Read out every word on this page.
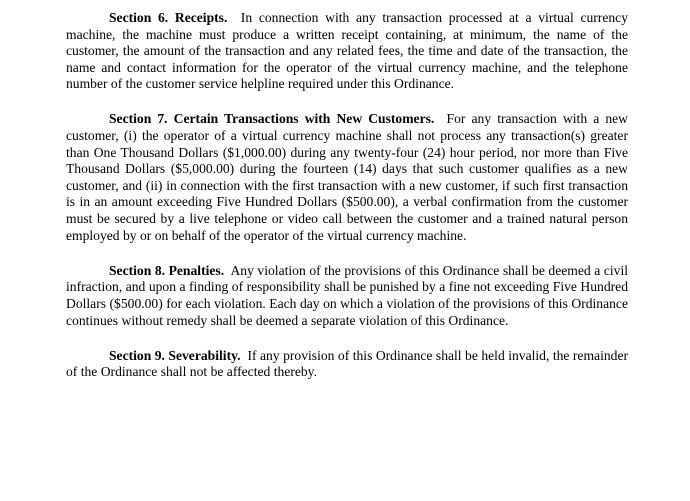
Section 6. Receipts. In connection with any transaction processed at a virtual currency machine, the machine must produce a written receipt containing, at minimum, the name of the customer, the amount of the transaction and any related fees, the time and date of the transaction, the name and contact information for the operator of the virtual currency machine, and the telephone number of the customer service helpline required under this Ordinance.

Section 7. Certain Transactions with New Customers. For any transaction with a new customer, (i) the operator of a virtual currency machine shall not process any transaction(s) greater than One Thousand Dollars ($1,000.00) during any twenty-four (24) hour period, nor more than Five Thousand Dollars ($5,000.00) during the fourteen (14) days that such customer qualifies as a new customer, and (ii) in connection with the first transaction with a new customer, if such first transaction is in an amount exceeding Five Hundred Dollars ($500.00), a verbal confirmation from the customer must be secured by a live telephone or video call between the customer and a trained natural person employed by or on behalf of the operator of the virtual currency machine.

Section 8. Penalties. Any violation of the provisions of this Ordinance shall be deemed a civil infraction, and upon a finding of responsibility shall be punished by a fine not exceeding Five Hundred Dollars ($500.00) for each violation. Each day on which a violation of the provisions of this Ordinance continues without remedy shall be deemed a separate violation of this Ordinance.

Section 9. Severability. If any provision of this Ordinance shall be held invalid, the remainder of the Ordinance shall not be affected thereby.
